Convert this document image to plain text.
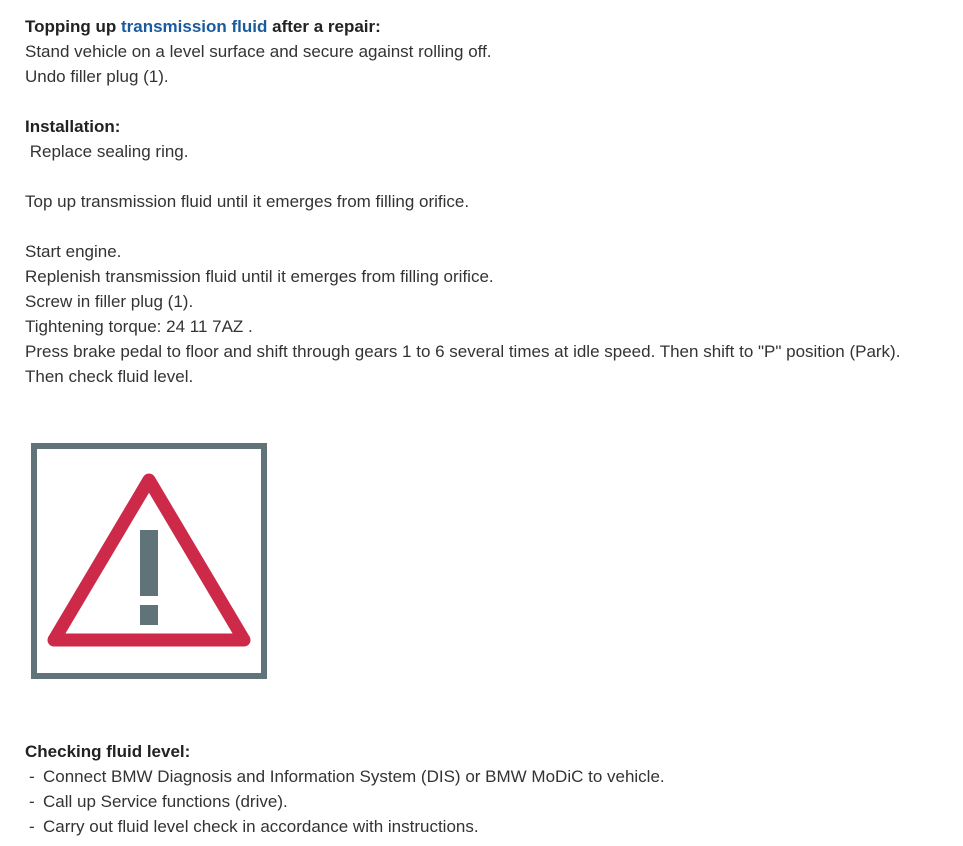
Topping up transmission fluid after a repair:
Stand vehicle on a level surface and secure against rolling off.
Undo filler plug (1).
Installation:
Replace sealing ring.
Top up transmission fluid until it emerges from filling orifice.
Start engine.
Replenish transmission fluid until it emerges from filling orifice.
Screw in filler plug (1).
Tightening torque: 24 11 7AZ .
Press brake pedal to floor and shift through gears 1 to 6 several times at idle speed. Then shift to "P" position (Park).
Then check fluid level.
Checking fluid level:
- Connect BMW Diagnosis and Information System (DIS) or BMW MoDiC to vehicle.
- Call up Service functions (drive).
- Carry out fluid level check in accordance with instructions.
